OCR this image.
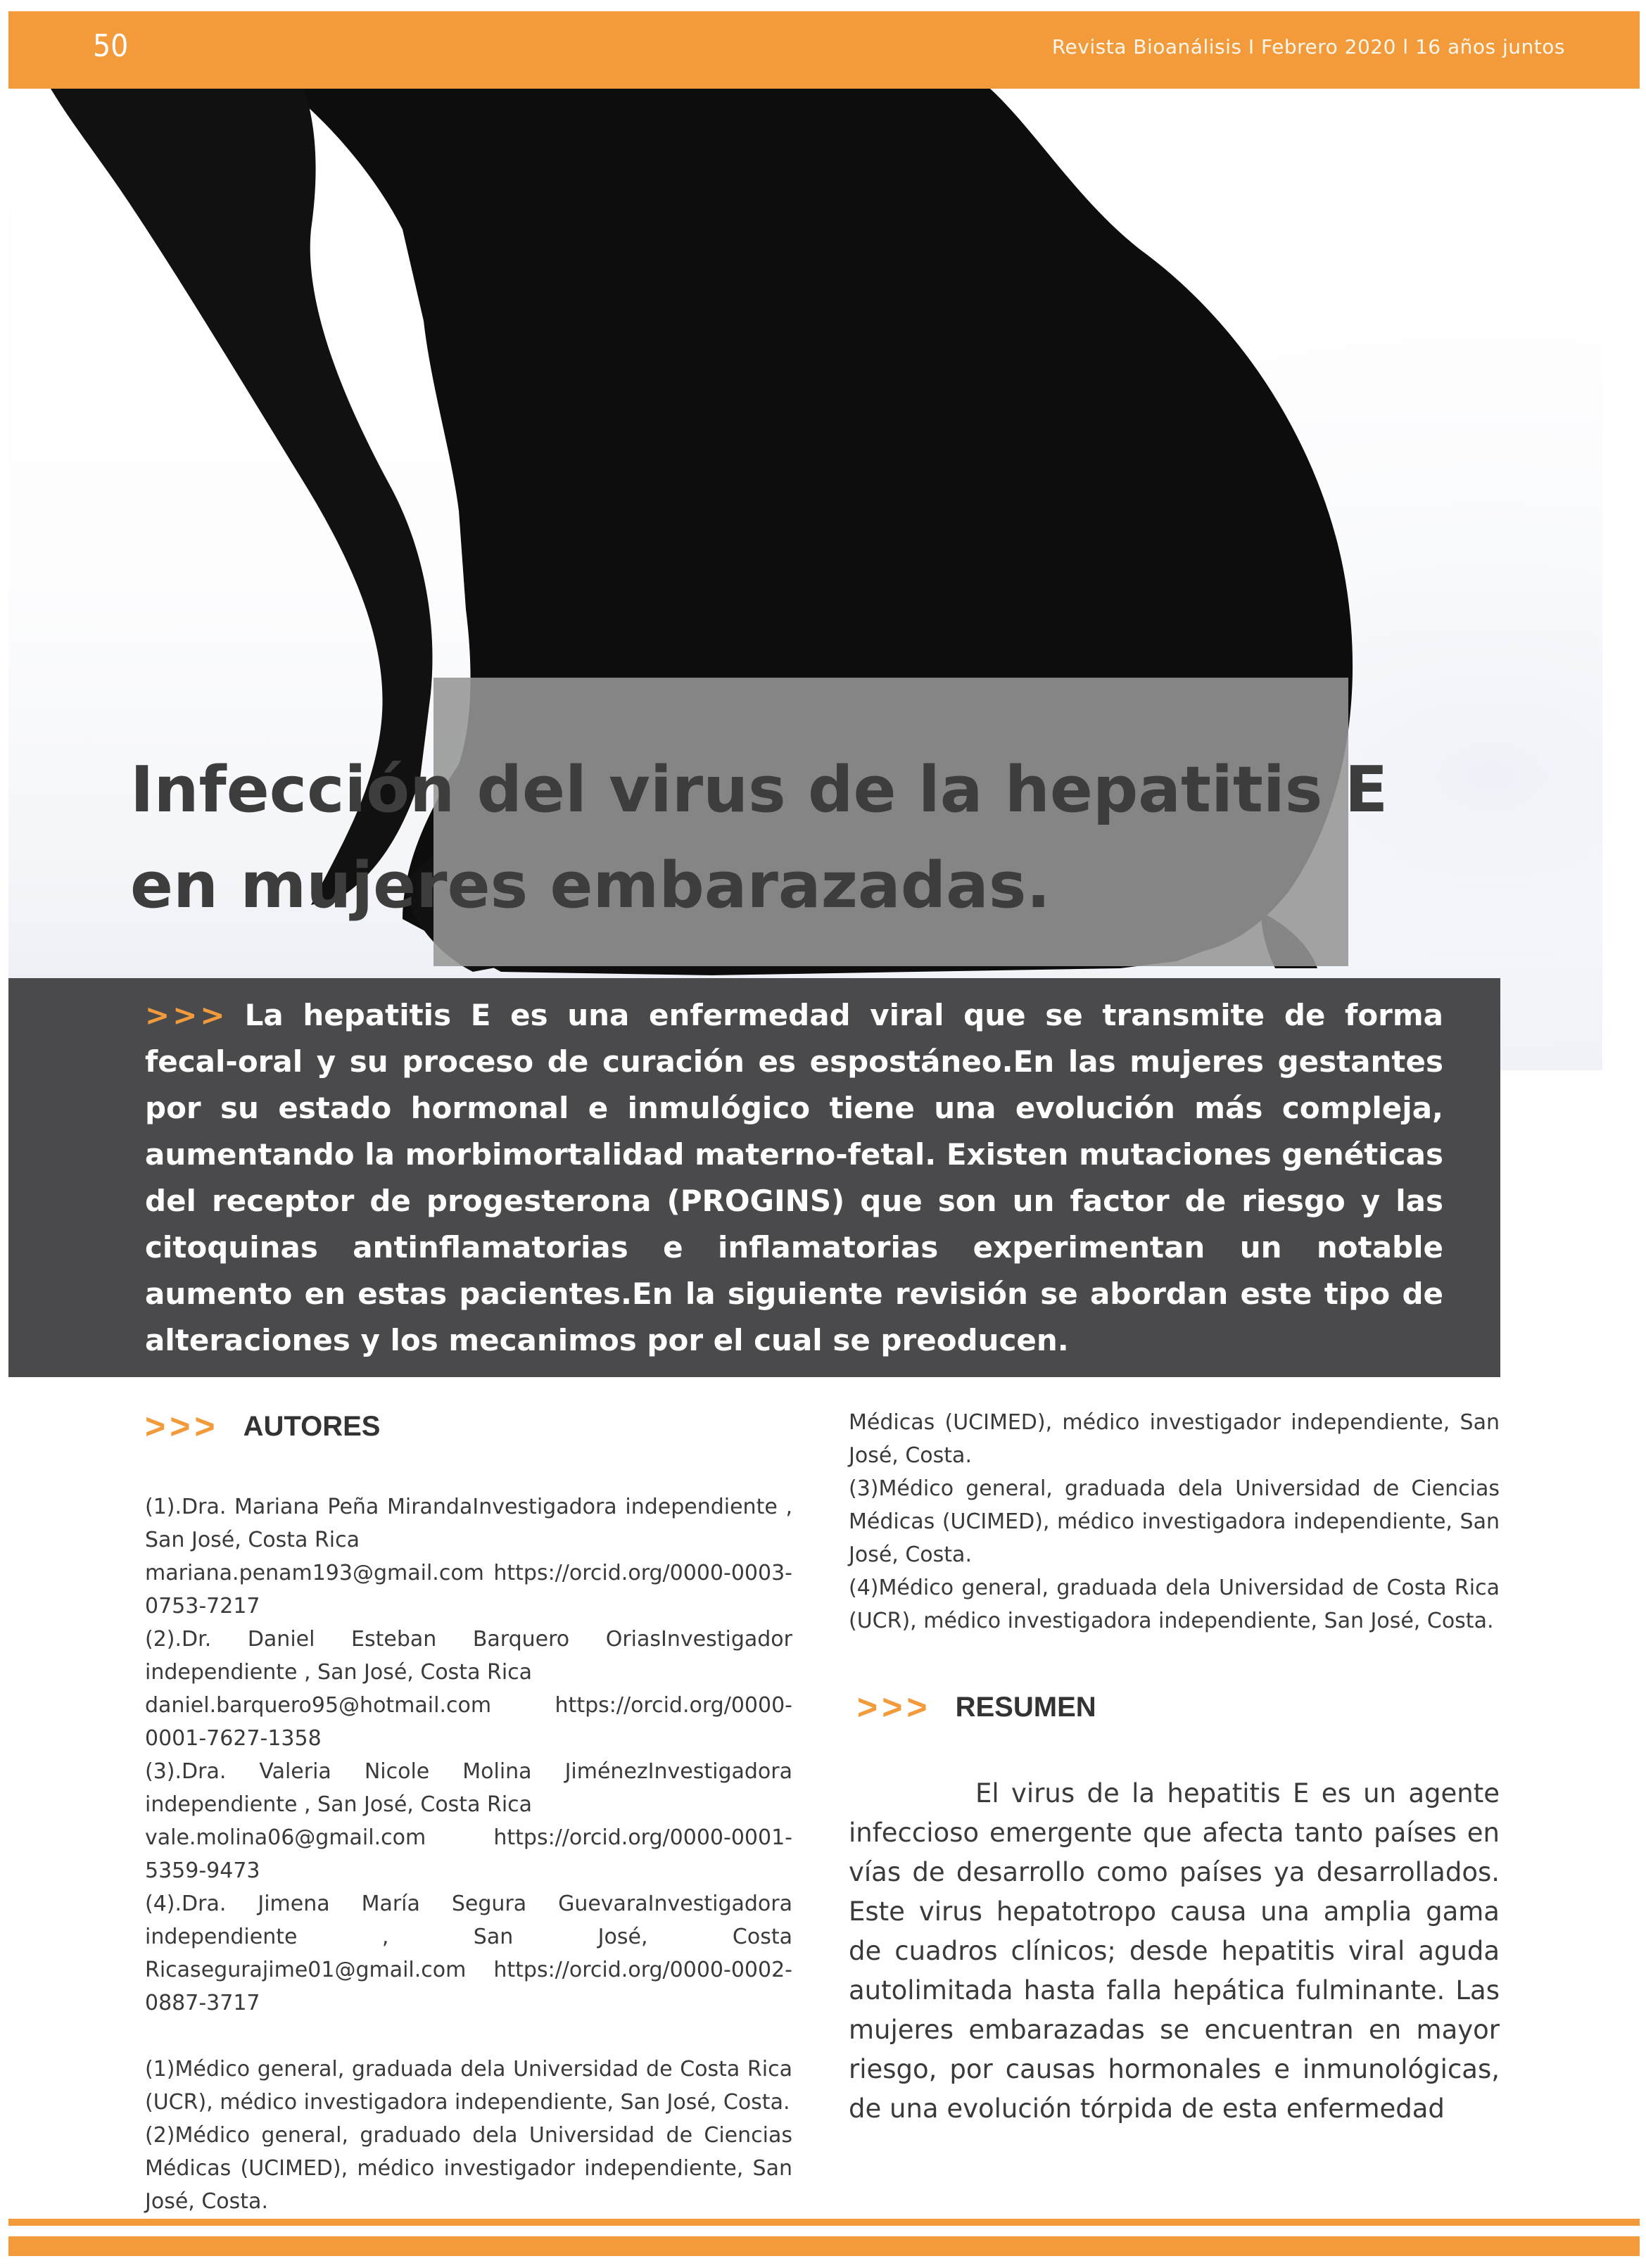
50	Revista Bioanálisis I Febrero 2020 l 16 años juntos
Infección del virus de la hepatitis E
en mujeres embarazadas.
>>> La hepatitis E es una enfermedad viral que se transmite de forma fecal-oral y su proceso de curación es espostáneo.En las mujeres gestantes por su estado hormonal e inmulógico tiene una evolución más compleja, aumentando la morbimortalidad materno-fetal. Existen mutaciones genéticas del receptor de progesterona (PROGINS) que son un factor de riesgo y las citoquinas antinflamatorias e inflamatorias experimentan un notable aumento en estas pacientes.En la siguiente revisión se abordan este tipo de alteraciones y los mecanimos por el cual se preoducen.
>>> AUTORES

(1).Dra. Mariana Peña MirandaInvestigadora independiente , San José, Costa Rica
mariana.penam193@gmail.com https://orcid.org/0000-0003-0753-7217

(2).Dr. Daniel Esteban Barquero OriasInvestigador independiente , San José, Costa Rica
daniel.barquero95@hotmail.com https://orcid.org/0000-0001-7627-1358

(3).Dra. Valeria Nicole Molina JiménezInvestigadora independiente , San José, Costa Rica
vale.molina06@gmail.com https://orcid.org/0000-0001-5359-9473

(4).Dra. Jimena María Segura GuevaraInvestigadora independiente , San José, Costa Ricasegurajime01@gmail.com https://orcid.org/0000-0002-0887-3717

(1)Médico general, graduada dela Universidad de Costa Rica (UCR), médico investigadora independiente, San José, Costa.

(2)Médico general, graduado dela Universidad de Ciencias Médicas (UCIMED), médico investigador independiente, San José, Costa.

Médicas (UCIMED), médico investigador independiente, San José, Costa.

(3)Médico general, graduada dela Universidad de Ciencias Médicas (UCIMED), médico investigadora independiente, San José, Costa.

(4)Médico general, graduada dela Universidad de Costa Rica (UCR), médico investigadora independiente, San José, Costa.

>>> RESUMEN

El virus de la hepatitis E es un agente infeccioso emergente que afecta tanto países en vías de desarrollo como países ya desarrollados. Este virus hepatotropo causa una amplia gama de cuadros clínicos; desde hepatitis viral aguda autolimitada hasta falla hepática fulminante. Las mujeres embarazadas se encuentran en mayor riesgo, por causas hormonales e inmunológicas, de una evolución tórpida de esta enfermedad
